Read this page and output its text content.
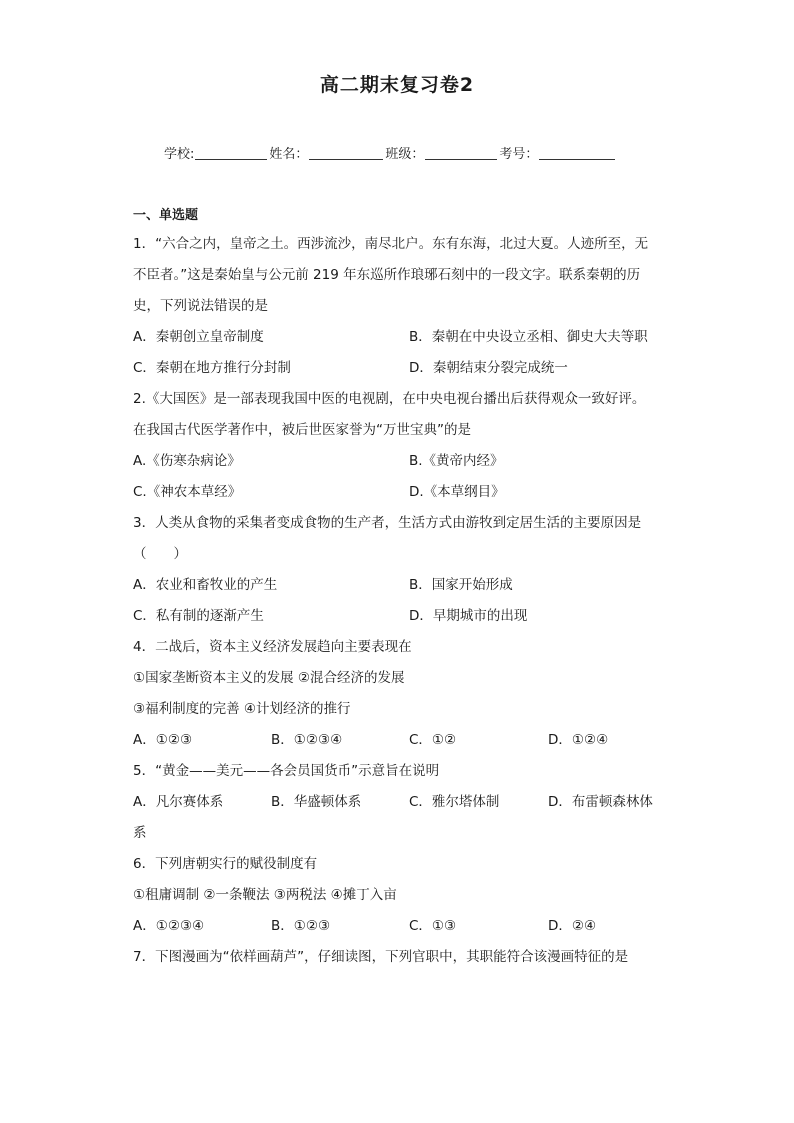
高二期末复习卷2
学校:	姓名：	班级：	考号：
一、单选题
1．“六合之内，皇帝之土。西涉流沙，南尽北户。东有东海，北过大夏。人迹所至，无
不臣者。”这是秦始皇与公元前 219 年东巡所作琅琊石刻中的一段文字。联系秦朝的历
史，下列说法错误的是
A．秦朝创立皇帝制度	B．秦朝在中央设立丞相、御史大夫等职
C．秦朝在地方推行分封制	D．秦朝结束分裂完成统一
2.《大国医》是一部表现我国中医的电视剧，在中央电视台播出后获得观众一致好评。
在我国古代医学著作中，被后世医家誉为“万世宝典”的是
A.《伤寒杂病论》	B.《黄帝内经》
C.《神农本草经》	D.《本草纲目》
3．人类从食物的采集者变成食物的生产者，生活方式由游牧到定居生活的主要原因是
（　　）
A．农业和畜牧业的产生	B．国家开始形成
C．私有制的逐渐产生	D．早期城市的出现
4．二战后，资本主义经济发展趋向主要表现在
①国家垄断资本主义的发展 ②混合经济的发展
③福利制度的完善 ④计划经济的推行
A．①②③	B．①②③④	C．①②	D．①②④
5．“黄金——美元——各会员国货币”示意旨在说明
A．凡尔赛体系	B．华盛顿体系	C．雅尔塔体制	D．布雷顿森林体
系
6．下列唐朝实行的赋役制度有
①租庸调制 ②一条鞭法 ③两税法 ④摊丁入亩
A．①②③④	B．①②③	C．①③	D．②④
7．下图漫画为“依样画葫芦”，仔细读图，下列官职中，其职能符合该漫画特征的是
